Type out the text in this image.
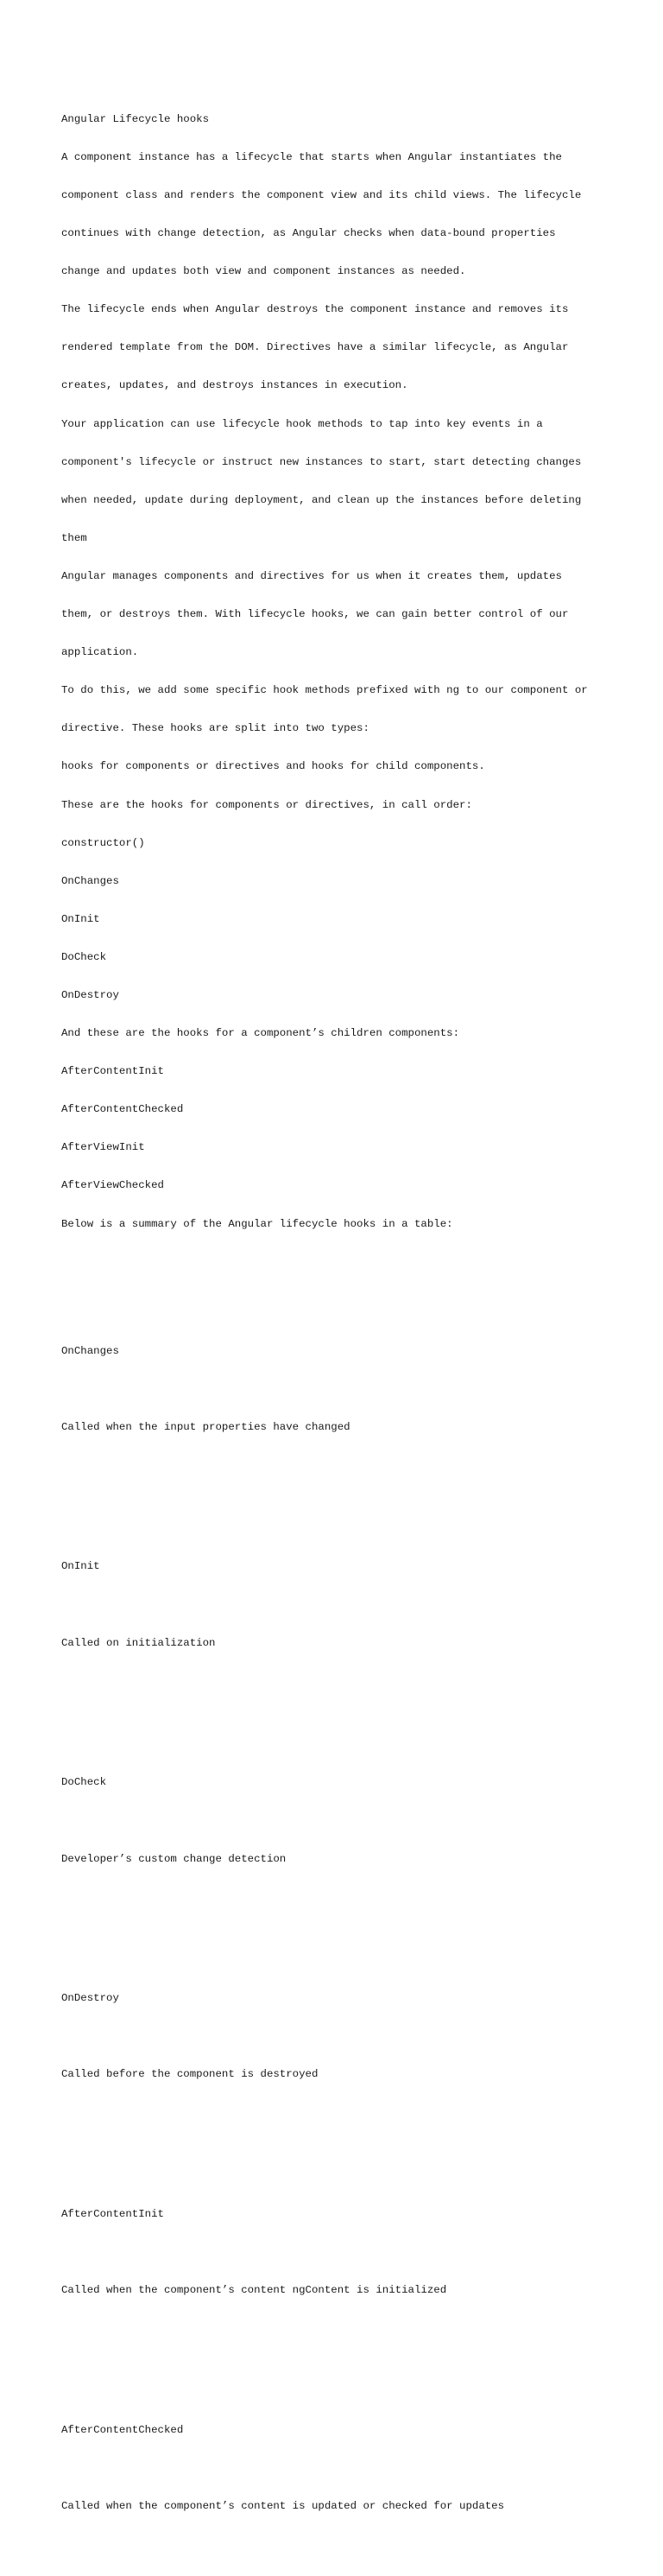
Angular Lifecycle hooks

A component instance has a lifecycle that starts when Angular instantiates the

component class and renders the component view and its child views. The lifecycle

continues with change detection, as Angular checks when data-bound properties

change and updates both view and component instances as needed.

The lifecycle ends when Angular destroys the component instance and removes its

rendered template from the DOM. Directives have a similar lifecycle, as Angular

creates, updates, and destroys instances in execution.

Your application can use lifecycle hook methods to tap into key events in a

component's lifecycle or instruct new instances to start, start detecting changes

when needed, update during deployment, and clean up the instances before deleting

them

Angular manages components and directives for us when it creates them, updates

them, or destroys them. With lifecycle hooks, we can gain better control of our

application.

To do this, we add some specific hook methods prefixed with ng to our component or

directive. These hooks are split into two types:

hooks for components or directives and hooks for child components.

These are the hooks for components or directives, in call order:

constructor()

OnChanges

OnInit

DoCheck

OnDestroy

And these are the hooks for a component’s children components:

AfterContentInit

AfterContentChecked

AfterViewInit

AfterViewChecked

Below is a summary of the Angular lifecycle hooks in a table:

OnChanges

Called when the input properties have changed

OnInit

Called on initialization

DoCheck

Developer’s custom change detection

OnDestroy

Called before the component is destroyed

AfterContentInit

Called when the component’s content ngContent is initialized

AfterContentChecked

Called when the component’s content is updated or checked for updates
